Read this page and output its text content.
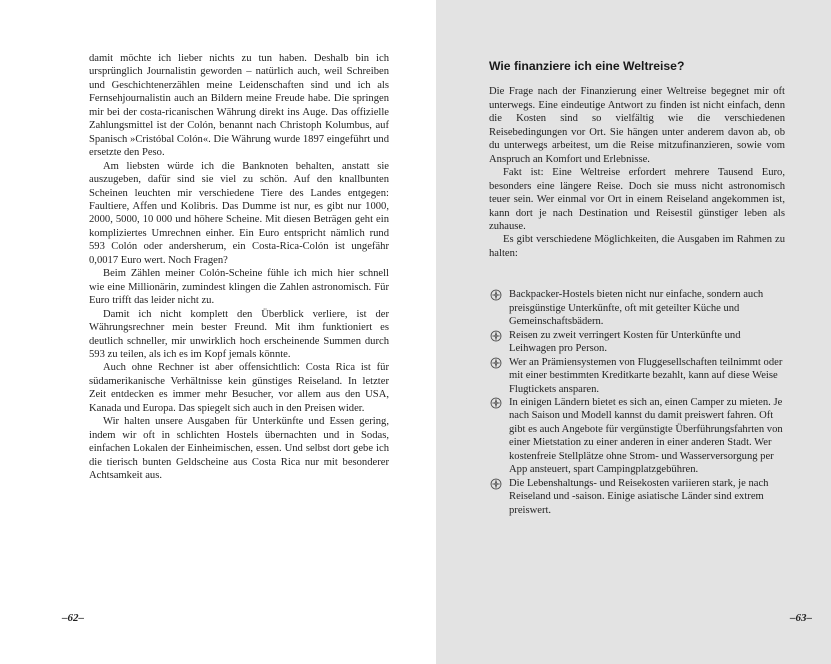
damit möchte ich lieber nichts zu tun haben. Deshalb bin ich ursprünglich Journalistin geworden – natürlich auch, weil Schreiben und Geschichtenerzählen meine Leidenschaften sind und ich als Fernsehjournalistin auch an Bildern meine Freude habe. Die springen mir bei der costa-ricanischen Währung direkt ins Auge. Das offizielle Zahlungsmittel ist der Colón, benannt nach Christoph Kolumbus, auf Spanisch »Cristóbal Colón«. Die Währung wurde 1897 eingeführt und ersetzte den Peso.

Am liebsten würde ich die Banknoten behalten, anstatt sie auszugeben, dafür sind sie viel zu schön. Auf den knallbunten Scheinen leuchten mir verschiedene Tiere des Landes entgegen: Faultiere, Affen und Kolibris. Das Dumme ist nur, es gibt nur 1000, 2000, 5000, 10 000 und höhere Scheine. Mit diesen Beträgen geht ein kompliziertes Umrechnen einher. Ein Euro entspricht nämlich rund 593 Colón oder andersherum, ein Costa-Rica-Colón ist ungefähr 0,0017 Euro wert. Noch Fragen?

Beim Zählen meiner Colón-Scheine fühle ich mich hier schnell wie eine Millionärin, zumindest klingen die Zahlen astronomisch. Für Euro trifft das leider nicht zu.

Damit ich nicht komplett den Überblick verliere, ist der Währungsrechner mein bester Freund. Mit ihm funktioniert es deutlich schneller, mir unwirklich hoch erscheinende Summen durch 593 zu teilen, als ich es im Kopf jemals könnte.

Auch ohne Rechner ist aber offensichtlich: Costa Rica ist für südamerikanische Verhältnisse kein günstiges Reiseland. In letzter Zeit entdecken es immer mehr Besucher, vor allem aus den USA, Kanada und Europa. Das spiegelt sich auch in den Preisen wider.

Wir halten unsere Ausgaben für Unterkünfte und Essen gering, indem wir oft in schlichten Hostels übernachten und in Sodas, einfachen Lokalen der Einheimischen, essen. Und selbst dort gebe ich die tierisch bunten Geldscheine aus Costa Rica nur mit besonderer Achtsamkeit aus.

Wie finanziere ich eine Weltreise?

Die Frage nach der Finanzierung einer Weltreise begegnet mir oft unterwegs. Eine eindeutige Antwort zu finden ist nicht einfach, denn die Kosten sind so vielfältig wie die verschiedenen Reisebedingungen vor Ort. Sie hängen unter anderem davon ab, ob du unterwegs arbeitest, um die Reise mitzufinanzieren, sowie vom Anspruch an Komfort und Erlebnisse.

Fakt ist: Eine Weltreise erfordert mehrere Tausend Euro, besonders eine längere Reise. Doch sie muss nicht astronomisch teuer sein. Wer einmal vor Ort in einem Reiseland angekommen ist, kann dort je nach Destination und Reisestil günstiger leben als zuhause.

Es gibt verschiedene Möglichkeiten, die Ausgaben im Rahmen zu halten:

Backpacker-Hostels bieten nicht nur einfache, sondern auch preisgünstige Unterkünfte, oft mit geteilter Küche und Gemeinschaftsbädern.
Reisen zu zweit verringert Kosten für Unterkünfte und Leihwagen pro Person.
Wer an Prämiensystemen von Fluggesellschaften teilnimmt oder mit einer bestimmten Kreditkarte bezahlt, kann auf diese Weise Flugtickets ansparen.
In einigen Ländern bietet es sich an, einen Camper zu mieten. Je nach Saison und Modell kannst du damit preiswert fahren. Oft gibt es auch Angebote für vergünstigte Überführungsfahrten von einer Mietstation zu einer anderen in einer anderen Stadt. Wer kostenfreie Stellplätze ohne Strom- und Wasserversorgung per App ansteuert, spart Campingplatzgebühren.
Die Lebenshaltungs- und Reisekosten variieren stark, je nach Reiseland und -saison. Einige asiatische Länder sind extrem preiswert.
–62–	–63–
